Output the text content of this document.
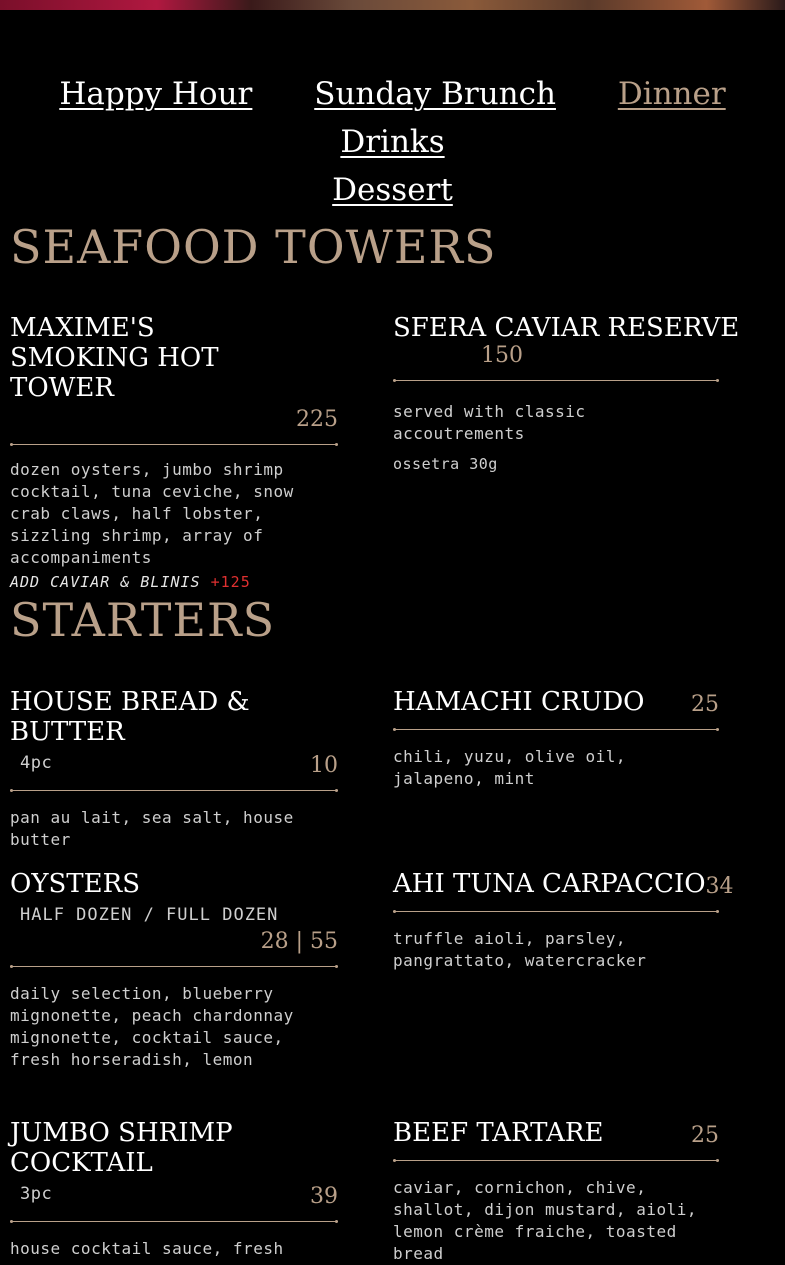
Happy Hour Sunday Brunch Dinner Drinks
Dessert
SEAFOOD TOWERS
MAXIME'S SMOKING HOT TOWER
225
dozen oysters, jumbo shrimp cocktail, tuna ceviche, snow crab claws, half lobster, sizzling shrimp, array of accompaniments
ADD CAVIAR & BLINIS +125
SFERA CAVIAR RESERVE
150
served with classic accoutrements
ossetra 30g
STARTERS
HOUSE BREAD & BUTTER
4pc	10
pan au lait, sea salt, house butter
HAMACHI CRUDO 25
chili, yuzu, olive oil, jalapeno, mint
OYSTERS
HALF DOZEN / FULL DOZEN
28 | 55
daily selection, blueberry mignonette, peach chardonnay mignonette, cocktail sauce, fresh horseradish, lemon
AHI TUNA CARPACCIO 34
truffle aioli, parsley, pangrattato, watercracker
JUMBO SHRIMP COCKTAIL
3pc	39
house cocktail sauce, fresh
BEEF TARTARE	25
caviar, cornichon, chive, shallot, dijon mustard, aioli, lemon crème fraiche, toasted bread
